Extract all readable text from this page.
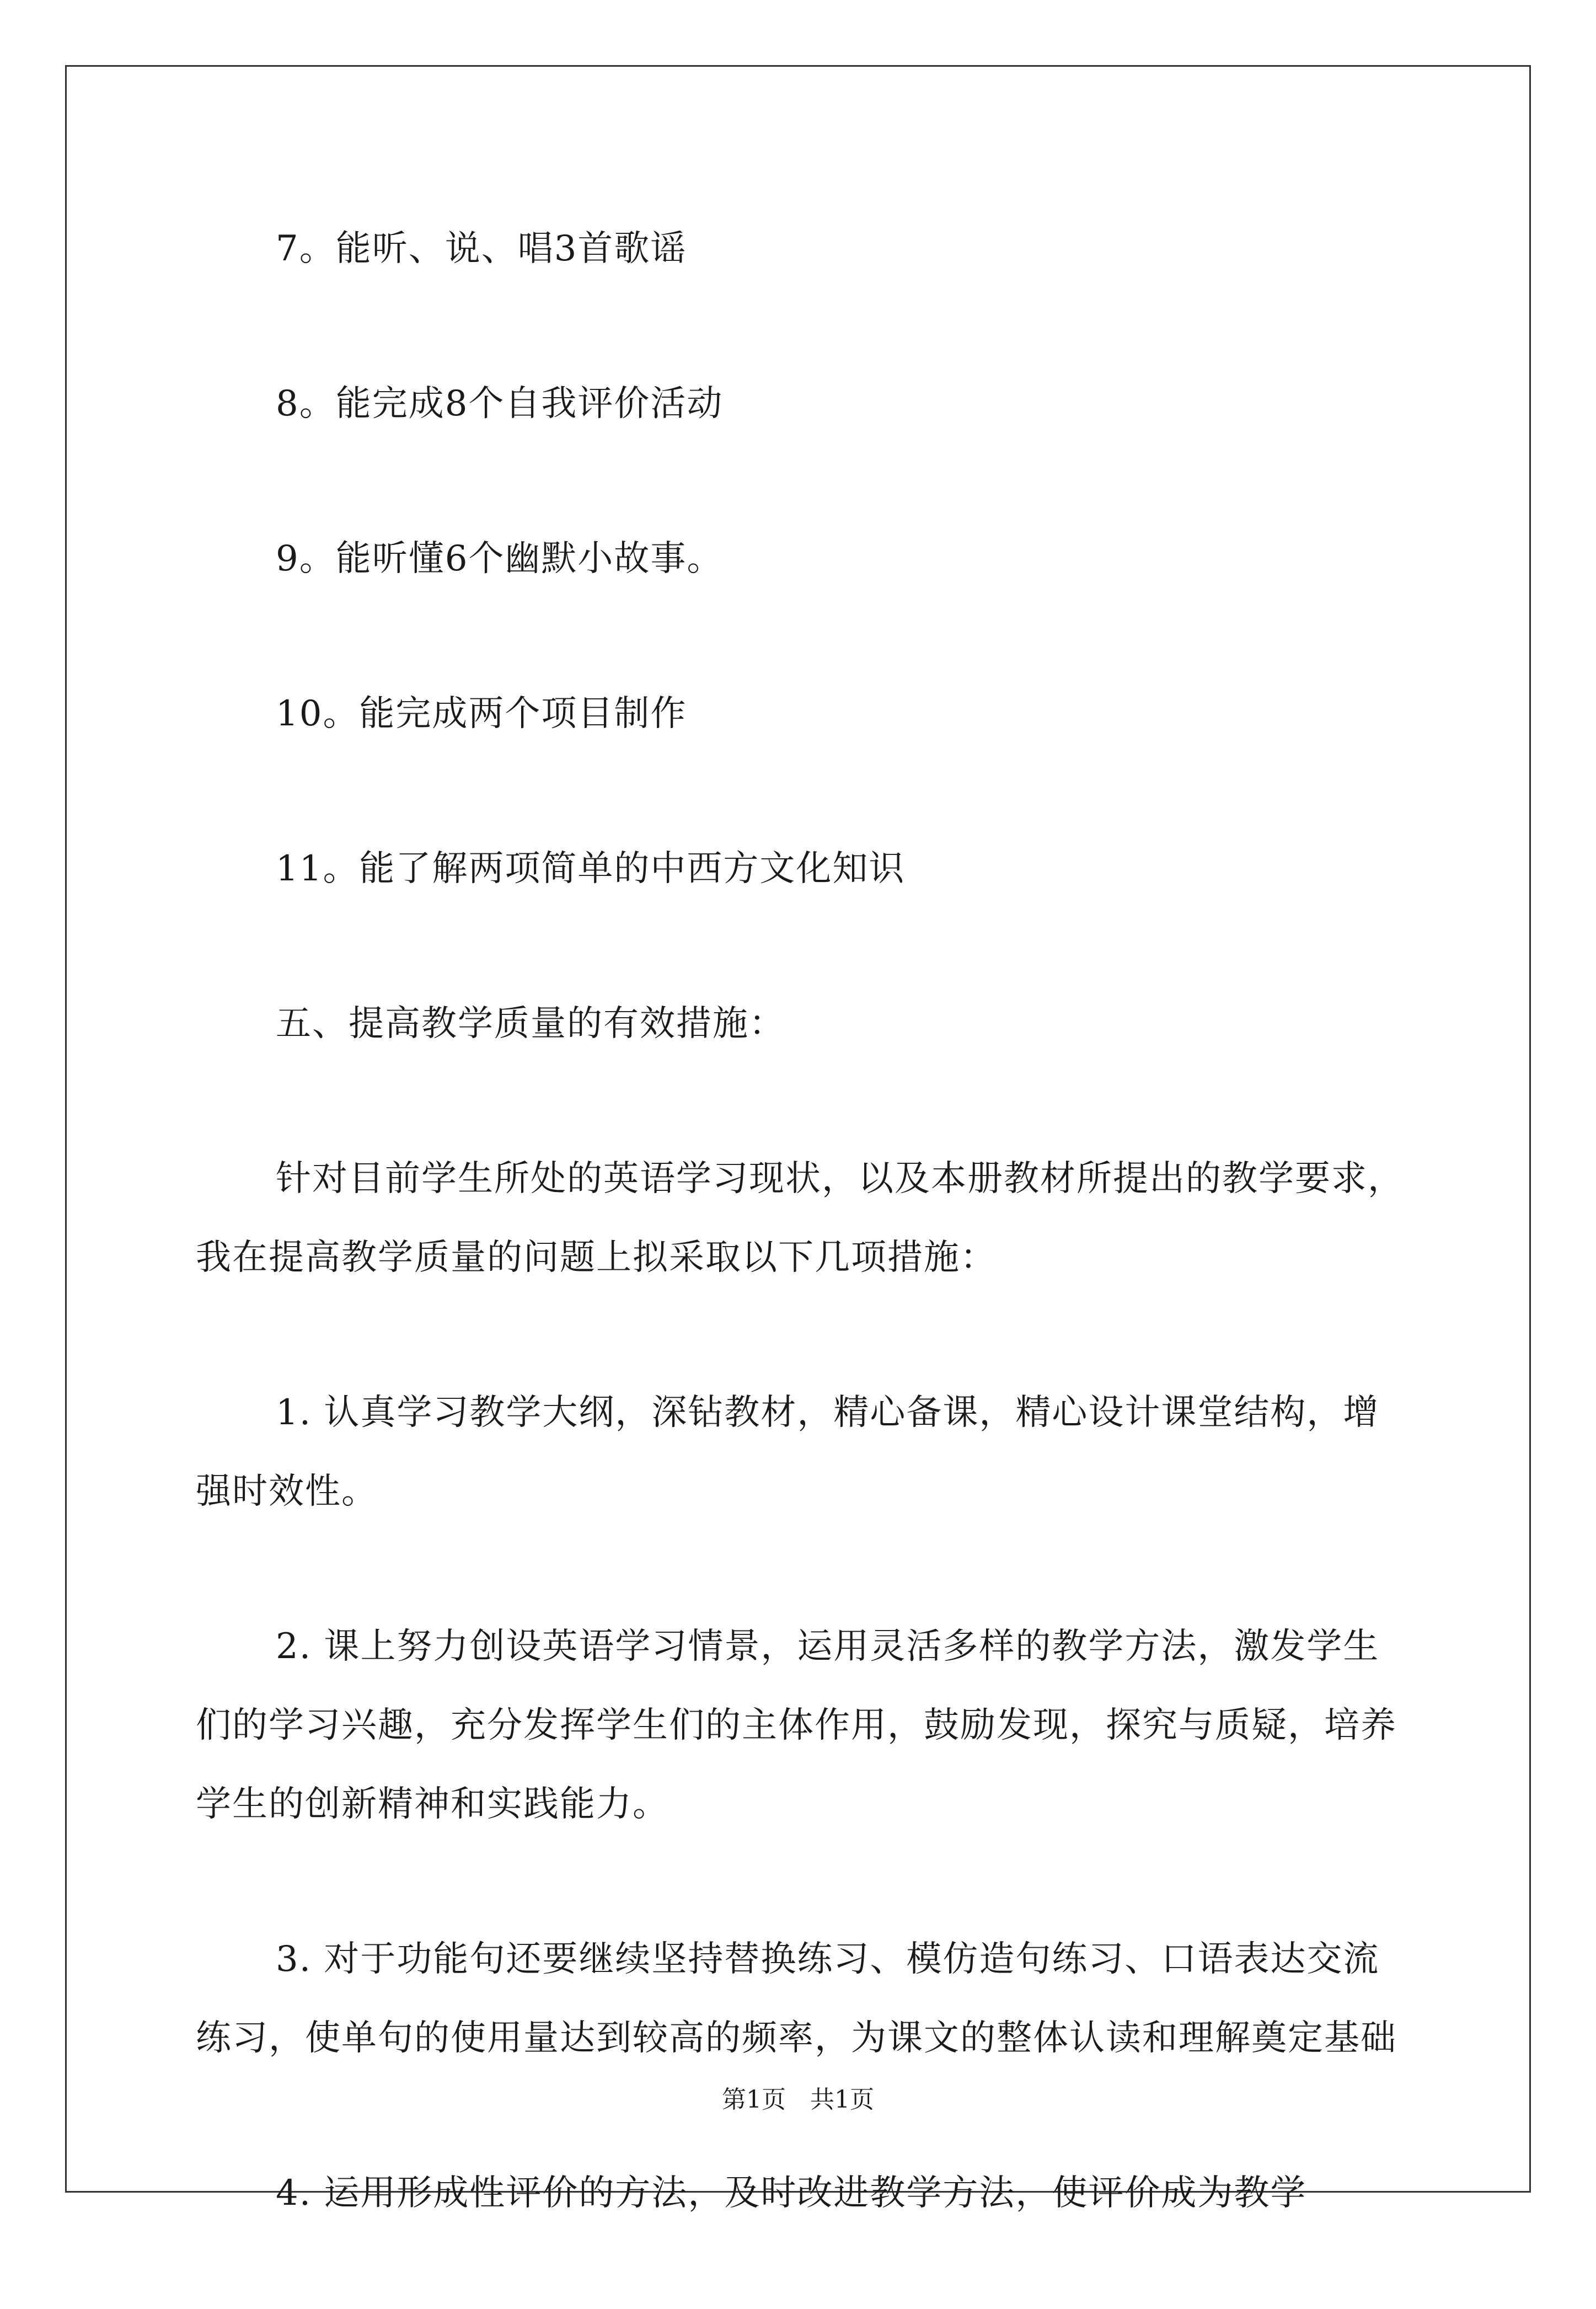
7。能听、说、唱3首歌谣

8。能完成8个自我评价活动

9。能听懂6个幽默小故事。

10。能完成两个项目制作

11。能了解两项简单的中西方文化知识

五、提高教学质量的有效措施：

针对目前学生所处的英语学习现状，以及本册教材所提出的教学要求，我在提高教学质量的问题上拟采取以下几项措施：

1. 认真学习教学大纲，深钻教材，精心备课，精心设计课堂结构，增强时效性。

2. 课上努力创设英语学习情景，运用灵活多样的教学方法，激发学生们的学习兴趣，充分发挥学生们的主体作用，鼓励发现，探究与质疑，培养学生的创新精神和实践能力。

3. 对于功能句还要继续坚持替换练习、模仿造句练习、口语表达交流练习，使单句的使用量达到较高的频率，为课文的整体认读和理解奠定基础

4. 运用形成性评价的方法，及时改进教学方法，使评价成为教学

第1页 共1页
